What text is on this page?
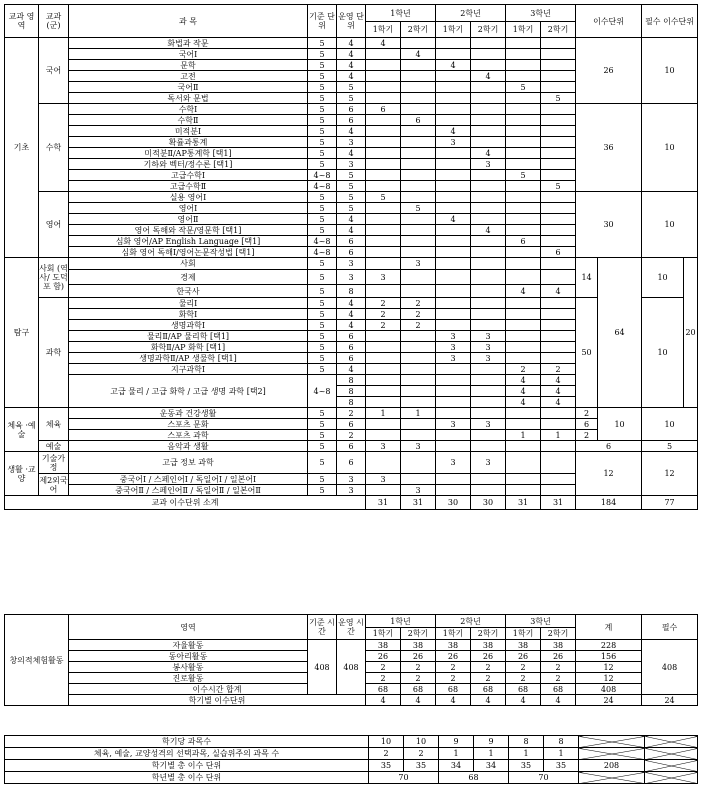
교과 영역	교과 (군)	과 목	기준 단위	운영 단위	1학년		2학년		3학년		이수단위		필수 이수단위	
					1학기	2학기	1학기	2학기	1학기	2학기				
기초	국어	화법과 작문	5	4	4						26		10	
		국어Ⅰ	5	4		4								
		문학	5	4			4							
		고전	5	4				4						
		국어Ⅱ	5	5					5					
		독서와 문법	5	5						5				
	수학	수학Ⅰ	5	6	6						36		10	
		수학Ⅱ	5	6		6								
		미적분Ⅰ	5	4			4							
		확률과통계	5	3			3							
		미적분Ⅱ/AP통계학 [택1]	5	4				4						
		기하와 벡터/정수론 [택1]	5	3				3						
		고급수학Ⅰ	4~8	5					5					
		고급수학Ⅱ	4~8	5						5				
	영어	실용 영어Ⅰ	5	5	5						30		10	
		영어Ⅰ	5	5		5								
		영어Ⅱ	5	4			4							
		영어 독해와 작문/영문학 [택1]	5	4				4						
		심화 영어/AP English Language [택1]	4~8	6					6					
		심화 영어 독해Ⅰ/영어논문작성법 [택1]	4~8	6						6				
탐구	사회 (역사/ 도덕 포 함)	사회	5	3		3					14	64	10	20
		경제	5	3	3									
		한국사	5	8					4	4				
	과학	물리Ⅰ	5	4	2	2					50		10	
		화학Ⅰ	5	4	2	2								
		생명과학Ⅰ	5	4	2	2								
		물리Ⅱ/AP 물리학 [택1]	5	6			3	3						
		화학Ⅱ/AP 화학 [택1]	5	6			3	3						
		생명과학Ⅱ/AP 생물학 [택1]	5	6			3	3						
		지구과학Ⅰ	5	4					2	2				
		고급 물리 / 고급 화학 / 고급 생명 과학 [택2]	4~8	8					4	4				
				8					4	4				
				8					4	4				
체육 ·예술	체육	운동과 건강생활	5	2	1	1					2	10	10	
		스포츠 문화	5	6			3	3			6			
		스포츠 과학	5	2					1	1	2			
	예술	음악과 생활	5	6	3	3					6		5	
생활 ·교양	기술가정	고급 정보 과학	5	6			3	3			12		12	
	제2외국어	중국어Ⅰ / 스페인어Ⅰ / 독일어Ⅰ / 일본어Ⅰ	5	3	3									
		중국어Ⅱ / 스페인어Ⅱ / 독일어Ⅱ / 일본어Ⅱ	5	3		3								
교과 이수단위 소계					31	31	30	30	31	31	184		77	
창의적체험활동	영역	기준 시간	운영 시간	1학년		2학년		3학년		계	필수
				1학기	2학기	1학기	2학기	1학기	2학기		
	자율활동	408	408	38	38	38	38	38	38	228	408
	동아리활동			26	26	26	26	26	26	156	
	봉사활동			2	2	2	2	2	2	12	
	진로활동			2	2	2	2	2	2	12	
	이수시간 합계			68	68	68	68	68	68	408	
	학기별 이수단위			4	4	4	4	4	4	24	24
학기당 과목수	10	10	9	9	8	8		
체육, 예술, 교양성격의 선택과목, 실습위주의 과목 수	2	2	1	1	1	1		
학기별 총 이수 단위	35	35	34	34	35	35	208	
학년별 총 이수 단위	70		68		70			
